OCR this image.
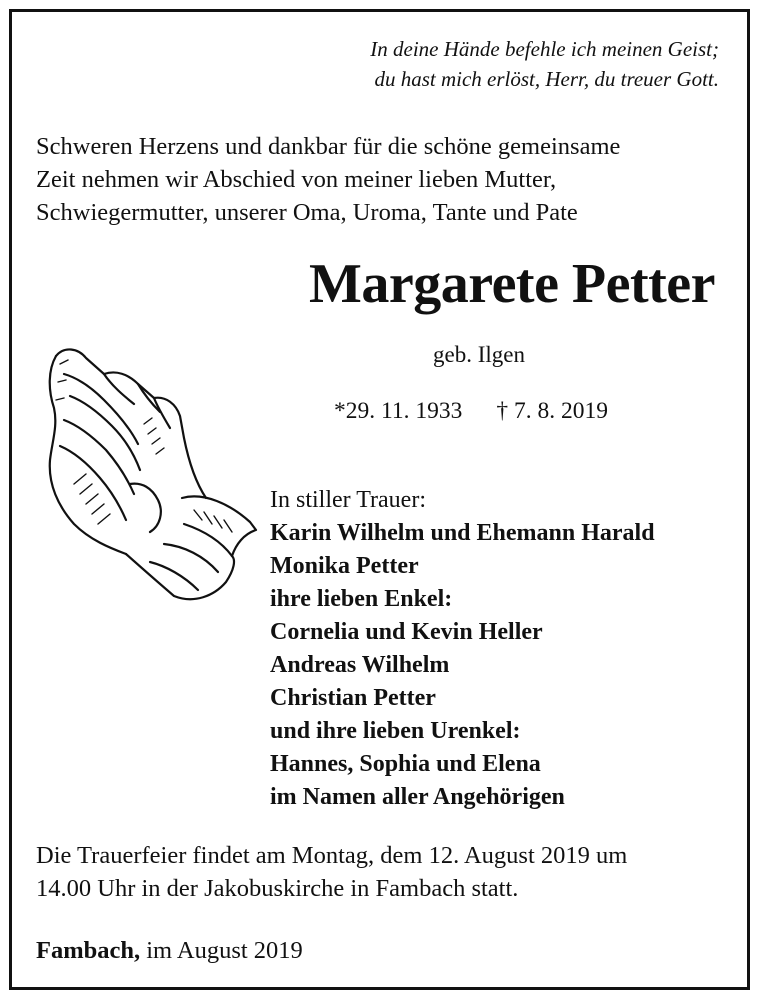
In deine Hände befehle ich meinen Geist;
du hast mich erlöst, Herr, du treuer Gott.
Schweren Herzens und dankbar für die schöne gemeinsame
Zeit nehmen wir Abschied von meiner lieben Mutter,
Schwiegermutter, unserer Oma, Uroma, Tante und Pate
Margarete Petter
geb. Ilgen
*29. 11. 1933 † 7. 8. 2019
In stiller Trauer:
Karin Wilhelm und Ehemann Harald
Monika Petter
ihre lieben Enkel:
Cornelia und Kevin Heller
Andreas Wilhelm
Christian Petter
und ihre lieben Urenkel:
Hannes, Sophia und Elena
im Namen aller Angehörigen
Die Trauerfeier findet am Montag, dem 12. August 2019 um
14.00 Uhr in der Jakobuskirche in Fambach statt.
Fambach, im August 2019
